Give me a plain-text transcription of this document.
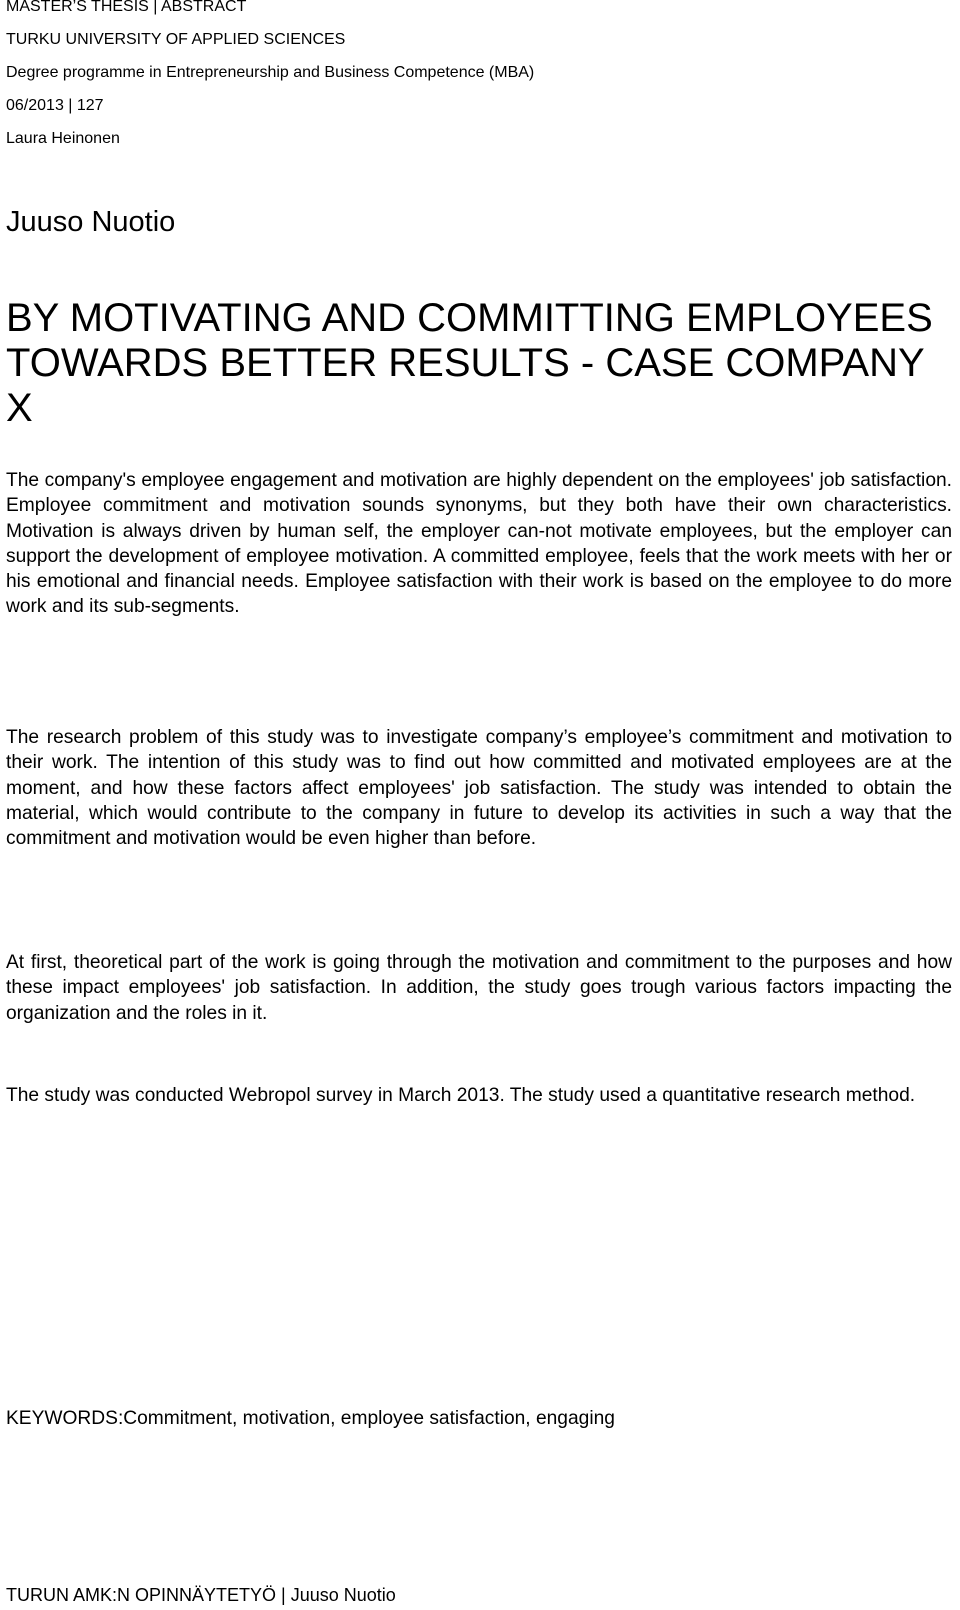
MASTER’S THESIS | ABSTRACT
TURKU UNIVERSITY OF APPLIED SCIENCES
Degree programme in Entrepreneurship and Business Competence (MBA)
06/2013 | 127
Laura Heinonen
Juuso Nuotio
BY MOTIVATING AND COMMITTING EMPLOYEES TOWARDS BETTER RESULTS - CASE COMPANY X

The company's employee engagement and motivation are highly dependent on the employees' job satisfaction. Employee commitment and motivation sounds synonyms, but they both have their own characteristics. Motivation is always driven by human self, the employer can-not motivate employees, but the employer can support the development of employee motivation. A committed employee, feels that the work meets with her or his emotional and financial needs. Employee satisfaction with their work is based on the employee to do more work and its sub-segments.

The research problem of this study was to investigate company’s employee’s commitment and motivation to their work. The intention of this study was to find out how committed and motivated employees are at the moment, and how these factors affect employees' job satisfaction. The study was intended to obtain the material, which would contribute to the company in future to develop its activities in such a way that the commitment and motivation would be even higher than before.

At first, theoretical part of the work is going through the motivation and commitment to the purposes and how these impact employees' job satisfaction. In addition, the study goes trough various factors impacting the organization and the roles in it.

The study was conducted Webropol survey in March 2013. The study used a quantitative research method.

KEYWORDS:Commitment, motivation, employee satisfaction, engaging
TURUN AMK:N OPINNÄYTETYÖ | Juuso Nuotio
